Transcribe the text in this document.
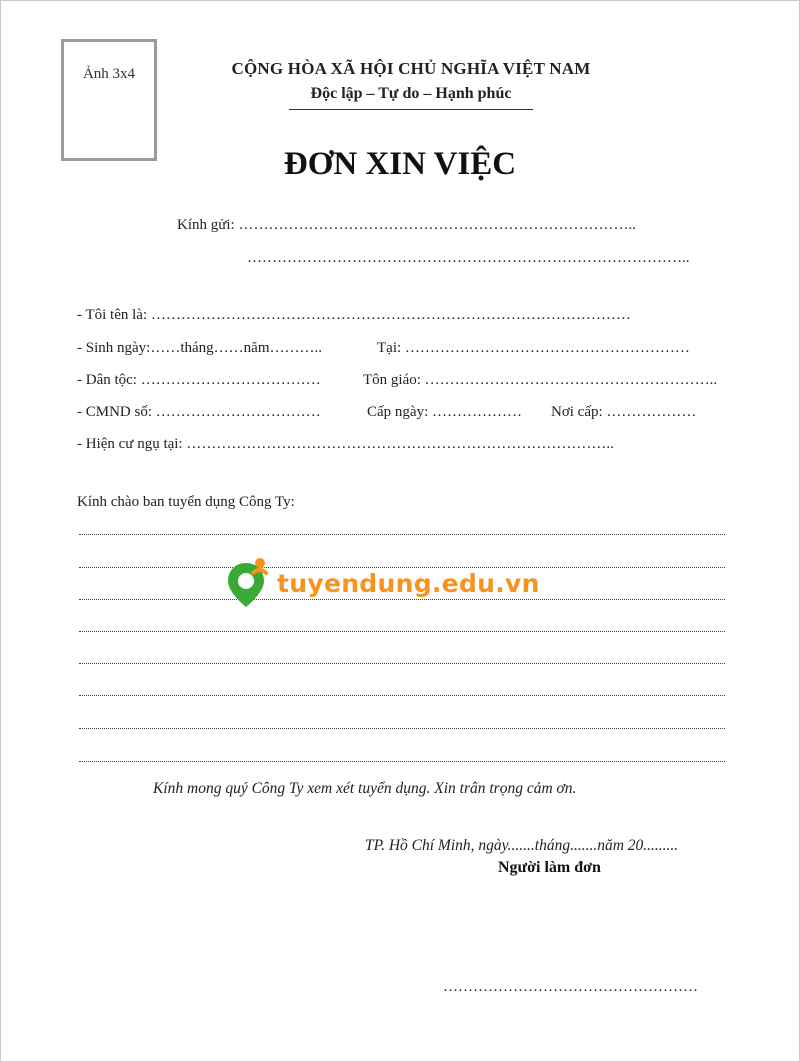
Ảnh 3x4	CỘNG HÒA XÃ HỘI CHỦ NGHĨA VIỆT NAM
Độc lập – Tự do – Hạnh phúc
ĐƠN XIN VIỆC
Kính gửi: ……………………………………………………………………..
……………………………………………………………………………..
- Tôi tên là: ……………………………………………………………………………………
- Sinh ngày:……tháng……năm………..	Tại: …………………………………………………
- Dân tộc: ………………………………	Tôn giáo: …………………………………………………..
- CMND số: ……………………………	Cấp ngày: ……………… Nơi cấp: ………………
- Hiện cư ngụ tại: …………………………………………………………………………..
Kính chào ban tuyển dụng Công Ty:
tuyendung.edu.vn
Kính mong quý Công Ty xem xét tuyển dụng. Xin trân trọng cảm ơn.
TP. Hồ Chí Minh, ngày.......tháng.......năm 20.........
Người làm đơn
……………………………………………
